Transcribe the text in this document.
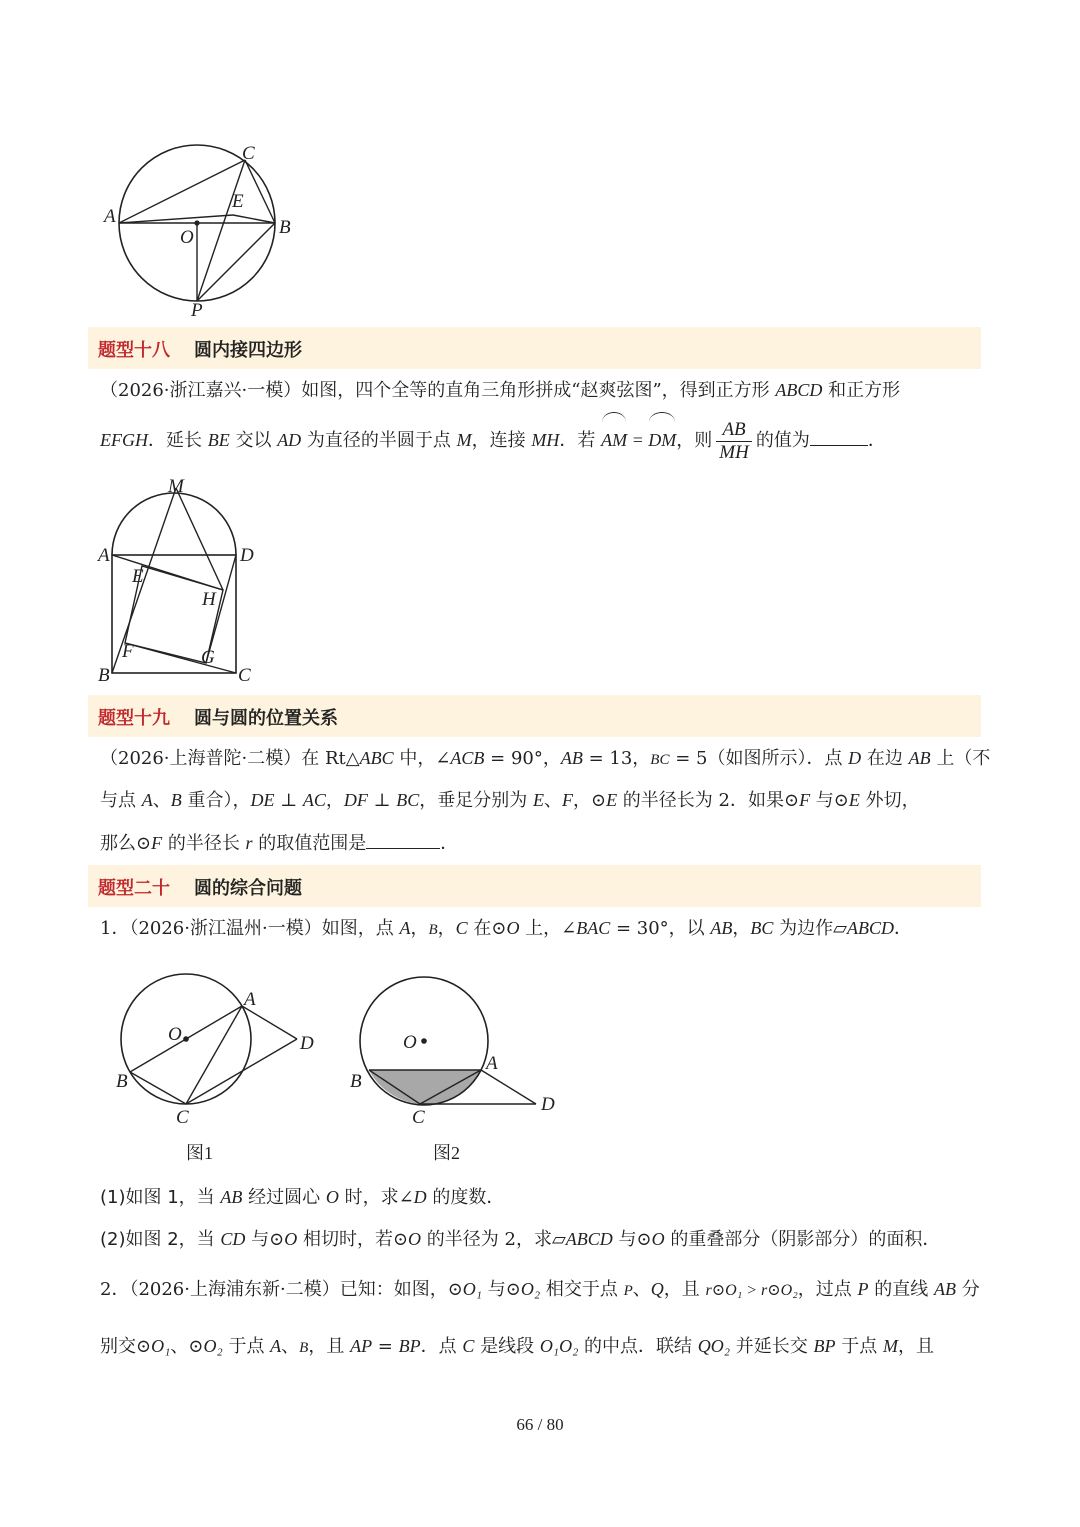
C
A
E
O	B
P
题型十八 圆内接四边形
（2026·浙江嘉兴·一模）如图，四个全等的直角三角形拼成“赵爽弦图”，得到正方形 ABCD 和正方形
EFGH．延长 BE 交以 AD 为直径的半圆于点 M，连接 MH．若 AM = DM，则 $\frac{AB}{MH}$ 的值为	．
M
A	D
E
H
F	G
B	C
题型十九 圆与圆的位置关系
（2026·上海普陀·二模）在 Rt△ABC 中，∠ACB = 90°，AB = 13，BC = 5（如图所示）．点 D 在边 AB 上（不
与点 A、B 重合），DE ⊥ AC，DF ⊥ BC，垂足分别为 E、F，⊙E 的半径长为 2．如果⊙F 与⊙E 外切，
那么⊙F 的半径长 r 的取值范围是	．
题型二十 圆的综合问题
1．（2026·浙江温州·一模）如图，点 A，B，C 在⊙O 上，∠BAC = 30°，以 AB，BC 为边作▱ABCD．
A
O	D
B
C
图1
O
A
B
D
C
图2
(1)如图 1，当 AB 经过圆心 O 时，求∠D 的度数．
(2)如图 2，当 CD 与⊙O 相切时，若⊙O 的半径为 2，求▱ABCD 与⊙O 的重叠部分（阴影部分）的面积．
2．（2026·上海浦东新·二模）已知：如图，⊙O₁ 与⊙O₂ 相交于点 P、Q，且 r⊙O₁ > r⊙O₂，过点 P 的直线 AB 分
别交⊙O₁、⊙O₂ 于点 A、B，且 AP = BP．点 C 是线段 O₁O₂ 的中点．联结 QO₂ 并延长交 BP 于点 M，且
66 / 80
